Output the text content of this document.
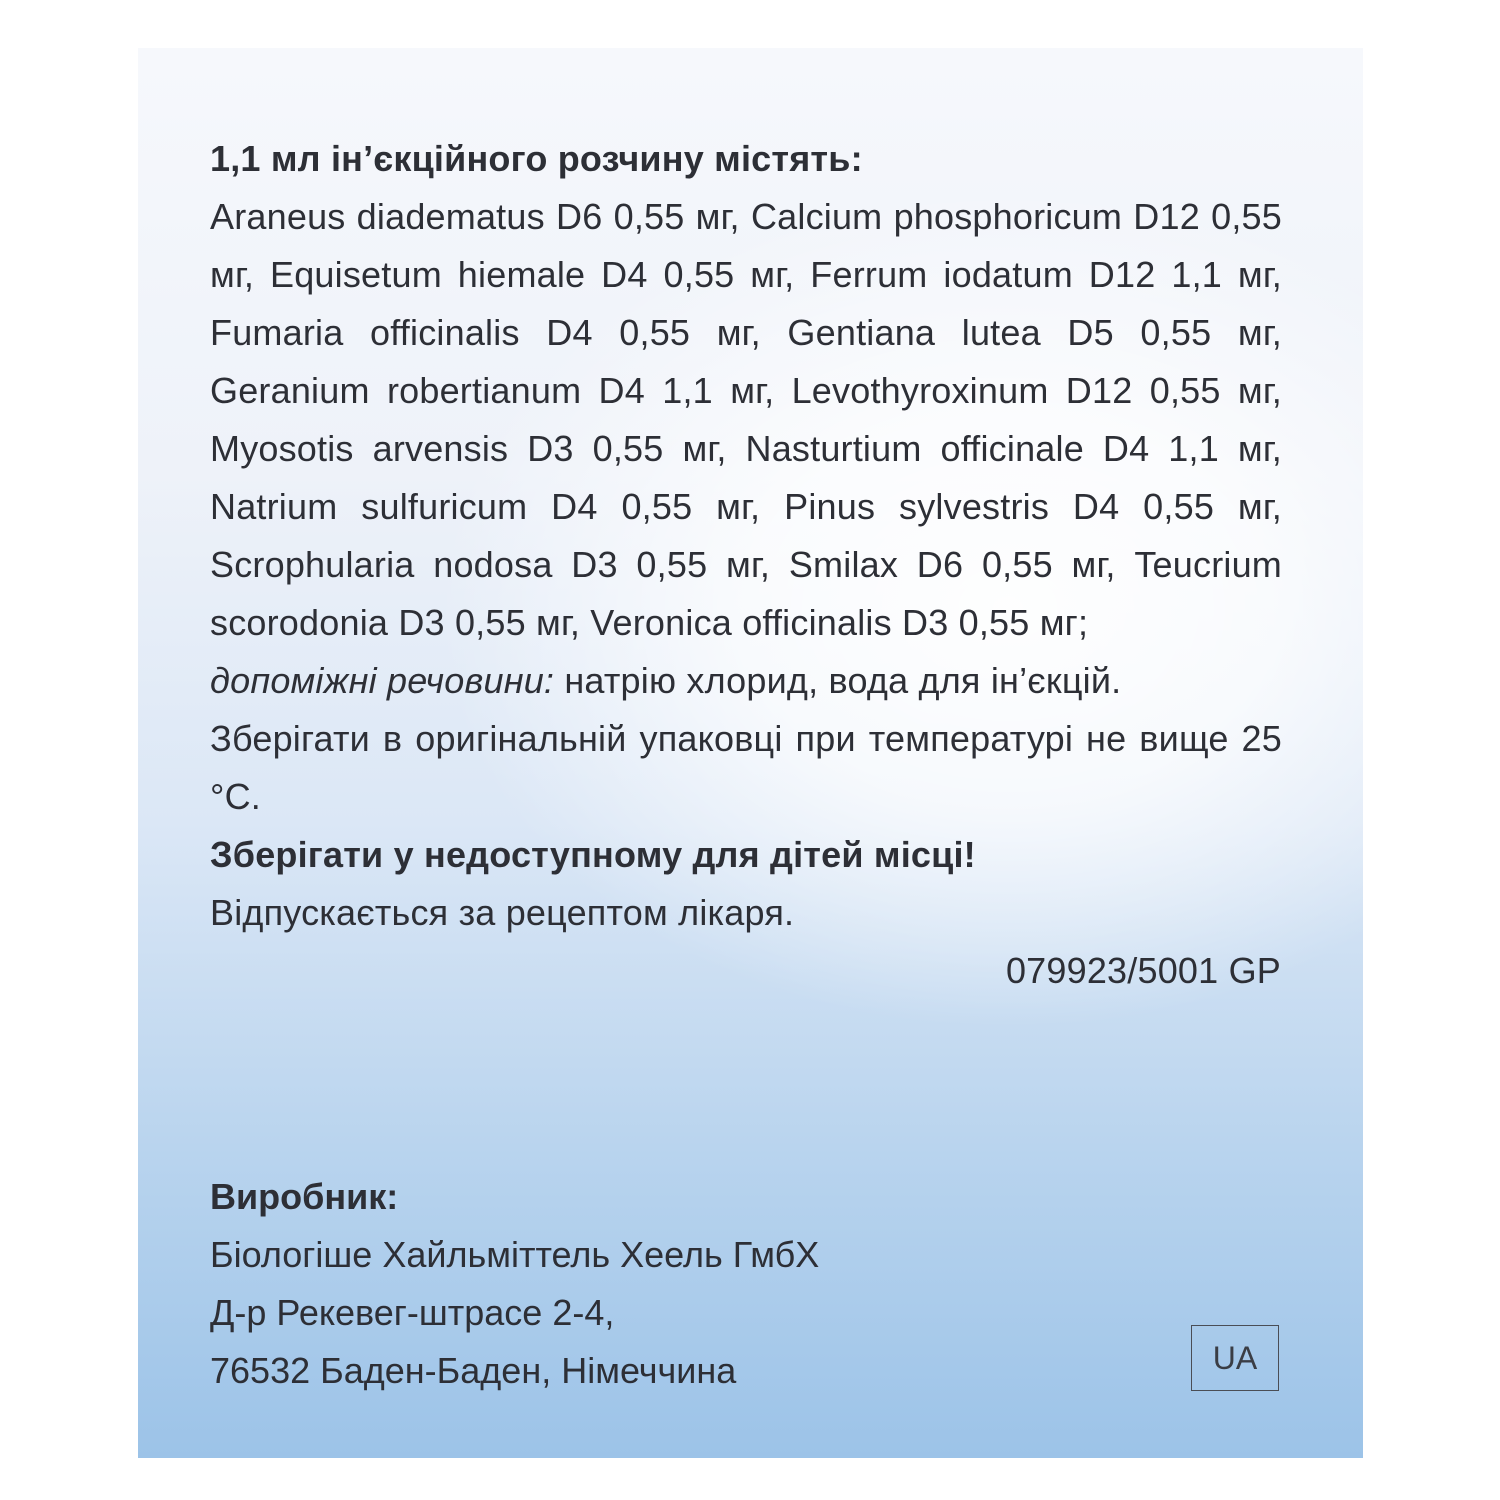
1,1 мл ін’єкційного розчину містять:

Araneus diadematus D6 0,55 мг, Calcium phosphoricum D12 0,55 мг, Equisetum hiemale D4 0,55 мг, Ferrum iodatum D12 1,1 мг, Fumaria officinalis D4 0,55 мг, Gentiana lutea D5 0,55 мг, Geranium robertianum D4 1,1 мг, Levothyroxinum D12 0,55 мг, Myosotis arvensis D3 0,55 мг, Nasturtium officinale D4 1,1 мг, Natrium sulfuricum D4 0,55 мг, Pinus sylvestris D4 0,55 мг, Scrophularia nodosa D3 0,55 мг, Smilax D6 0,55 мг, Teucrium scorodonia D3 0,55 мг, Veronica officinalis D3 0,55 мг;

допоміжні речовини: натрію хлорид, вода для ін’єкцій.

Зберігати в оригінальній упаковці при температурі не вище 25 °C.

Зберігати у недоступному для дітей місці!

Відпускається за рецептом лікаря.

079923/5001 GP

Виробник:
Біологіше Хайльміттель Хеель ГмбХ
Д-р Рекевег-штрасе 2-4,
76532 Баден-Баден, Німеччина	UA
